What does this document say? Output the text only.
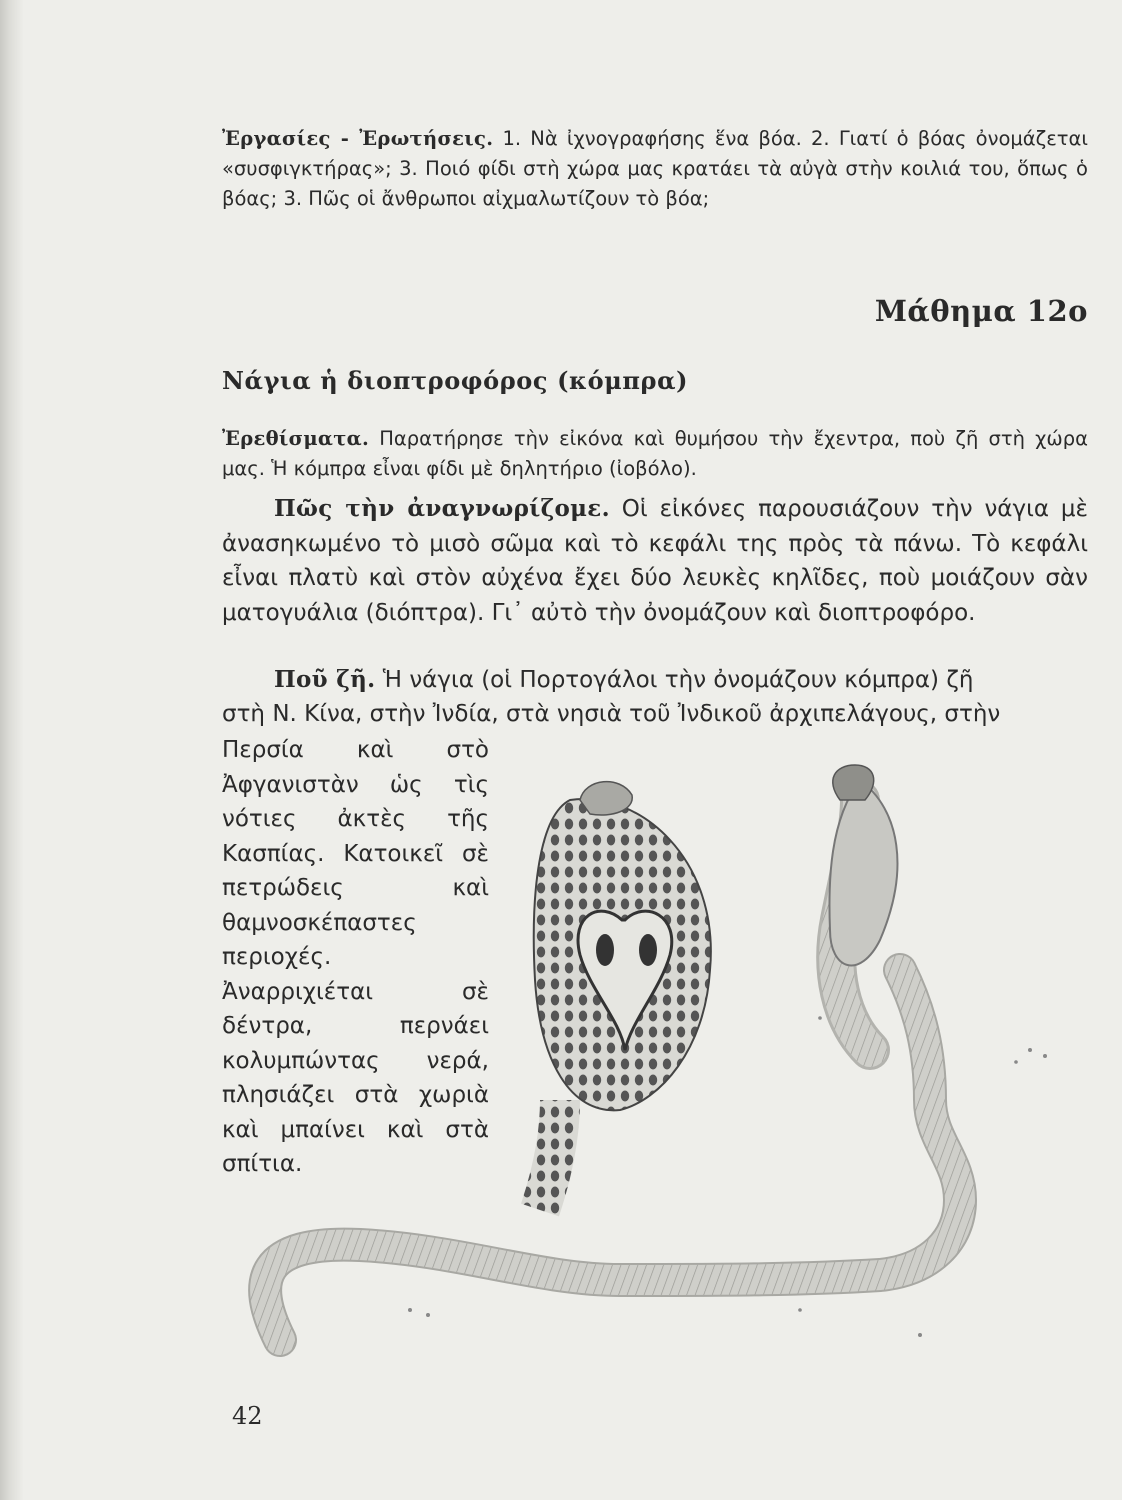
Ἐργασίες - Ἐρωτήσεις. 1. Νὰ ἰχνογραφήσης ἕνα βόα. 2. Γιατί ὁ βόας ὀνομάζεται «συσφιγκτήρας»; 3. Ποιό φίδι στὴ χώρα μας κρατάει τὰ αὐγὰ στὴν κοιλιά του, ὅπως ὁ βόας; 3. Πῶς οἱ ἄνθρωποι αἰχμαλωτίζουν τὸ βόα;
Μάθημα 12ο
Νάγια ἡ διοπτροφόρος (κόμπρα)
Ἐρεθίσματα. Παρατήρησε τὴν εἰκόνα καὶ θυμήσου τὴν ἔχεντρα, ποὺ ζῆ στὴ χώρα μας. Ἡ κόμπρα εἶναι φίδι μὲ δηλητήριο (ἰοβόλο).
Πῶς τὴν ἀναγνωρίζομε. Οἱ εἰκόνες παρουσιάζουν τὴν νάγια μὲ ἀνασηκωμένο τὸ μισὸ σῶμα καὶ τὸ κεφάλι της πρὸς τὰ πάνω. Τὸ κεφάλι εἶναι πλατὺ καὶ στὸν αὐχένα ἔχει δύο λευκὲς κηλῖδες, ποὺ μοιάζουν σὰν ματογυάλια (διόπτρα). Γι᾽ αὐτὸ τὴν ὀνομάζουν καὶ διοπτροφόρο.
Ποῦ ζῆ. Ἡ νάγια (οἱ Πορτογάλοι τὴν ὀνομάζουν κόμπρα) ζῆ
στὴ Ν. Κίνα, στὴν Ἰνδία, στὰ νησιὰ τοῦ Ἰνδικοῦ ἀρχιπελάγους, στὴν
Περσία καὶ στὸ Ἀφγανιστὰν ὡς τὶς νότιες ἀκτὲς τῆς Κασπίας. Κατοικεῖ σὲ πετρώδεις καὶ θαμνοσκέπαστες περιοχές. Ἀναρριχιέται σὲ δέντρα, περνάει κολυμπώντας νερά, πλησιάζει στὰ χωριὰ καὶ μπαίνει καὶ στὰ σπίτια.
42
